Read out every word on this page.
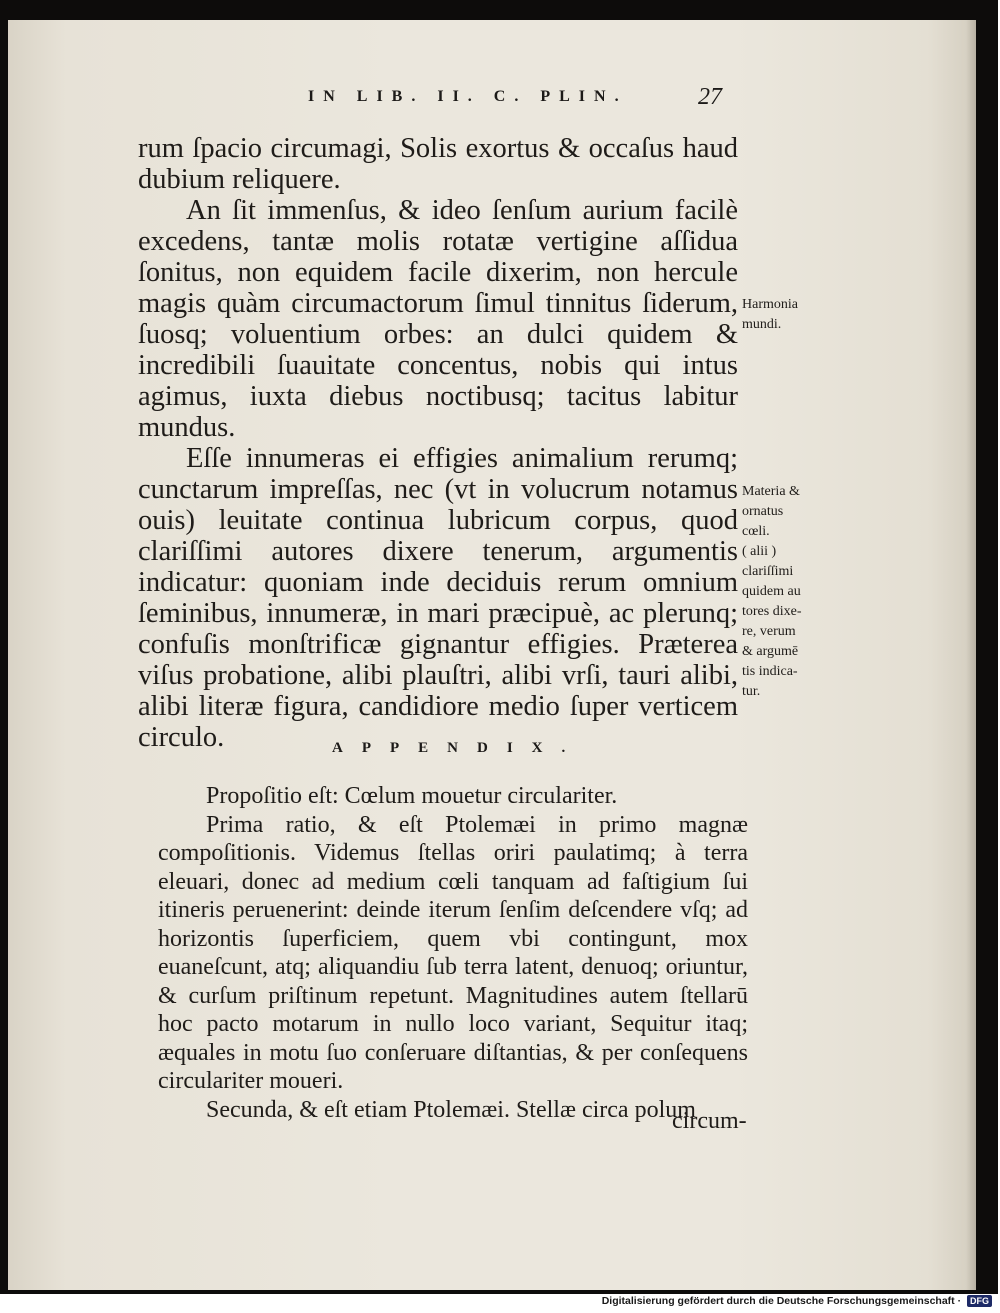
IN LIB. II. C. PLIN.	27

rum ſpacio circumagi, Solis exortus & occaſus haud dubium reliquere.

An ſit immenſus, & ideo ſenſum aurium facilè excedens, tantæ molis rotatæ vertigine aſſidua ſonitus, non equidem facile dixerim, non hercule magis quàm circumactorum ſimul tinnitus ſiderum, ſuosq; voluentium orbes: an dulci quidem & incredibili ſuauitate concentus, nobis qui intus agimus, iuxta diebus noctibusq; tacitus labitur mundus.

Eſſe innumeras ei effigies animalium rerumq; cunctarum impreſſas, nec (vt in volucrum notamus ouis) leuitate continua lubricum corpus, quod clariſſimi autores dixere tenerum, argumentis indicatur: quoniam inde deciduis rerum omnium ſeminibus, innumeræ, in mari præcipuè, ac plerunq; confuſis monſtrificæ gignantur effigies. Præterea viſus probatione, alibi plauſtri, alibi vrſi, tauri alibi, alibi literæ figura, candidiore medio ſuper verticem circulo.

Harmonia
mundi.

Materia &
ornatus
cœli.
( alii )
clariſſimi
quidem au
tores dixe-
re, verum
& argumē
tis indica-
tur.

APPENDIX.

Propoſitio eſt: Cœlum mouetur circulariter.

Prima ratio, & eſt Ptolemæi in primo magnæ compoſitionis. Videmus ſtellas oriri paulatimq; à terra eleuari, donec ad medium cœli tanquam ad faſtigium ſui itineris peruenerint: deinde iterum ſenſim deſcendere vſq; ad horizontis ſuperficiem, quem vbi contingunt, mox euaneſcunt, atq; aliquandiu ſub terra latent, denuoq; oriuntur, & curſum priſtinum repetunt. Magnitudines autem ſtellarū hoc pacto motarum in nullo loco variant, Sequitur itaq; æquales in motu ſuo conſeruare diſtantias, & per conſequens circulariter moueri.

Secunda, & eſt etiam Ptolemæi. Stellæ circa polum

circum-
Digitalisierung gefördert durch die Deutsche Forschungsgemeinschaft · DFG
